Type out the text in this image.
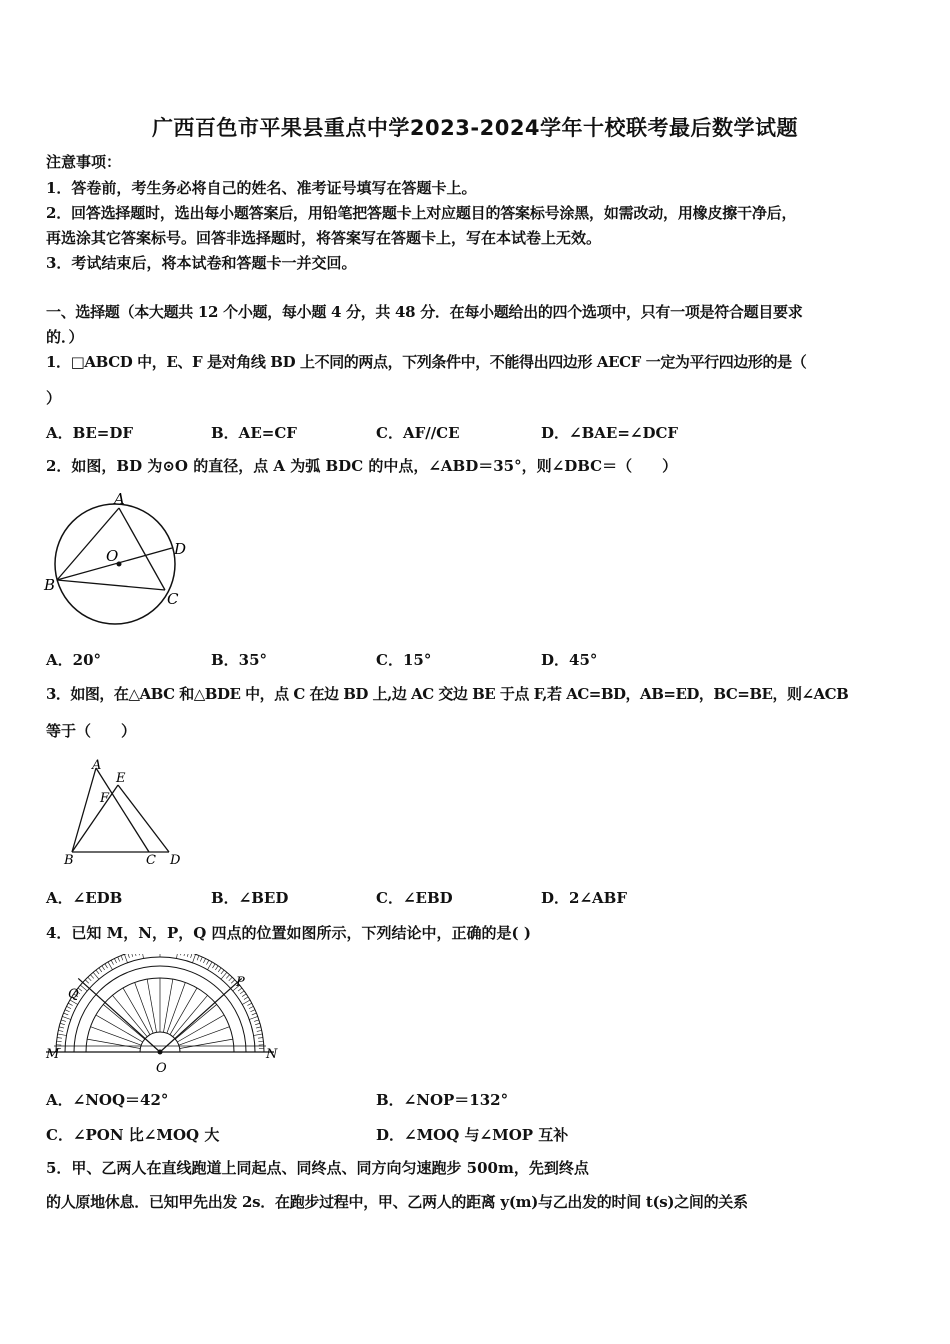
广西百色市平果县重点中学2023-2024学年十校联考最后数学试题
注意事项：
1．答卷前，考生务必将自己的姓名、准考证号填写在答题卡上。
2．回答选择题时，选出每小题答案后，用铅笔把答题卡上对应题目的答案标号涂黑，如需改动，用橡皮擦干净后，
再选涂其它答案标号。回答非选择题时，将答案写在答题卡上，写在本试卷上无效。
3．考试结束后，将本试卷和答题卡一并交回。
一、选择题（本大题共 12 个小题，每小题 4 分，共 48 分．在每小题给出的四个选项中，只有一项是符合题目要求
的．）
1．□ABCD 中，E、F 是对角线 BD 上不同的两点，下列条件中，不能得出四边形 AECF 一定为平行四边形的是（
）
A．BE=DF	B．AE=CF	C．AF//CE	D．∠BAE=∠DCF
2．如图，BD 为⊙O 的直径，点 A 为弧 BDC 的中点，∠ABD＝35°，则∠DBC＝（　　）
A
O	D
B
C
A．20°	B．35°	C．15°	D．45°
3．如图，在△ABC 和△BDE 中，点 C 在边 BD 上,边 AC 交边 BE 于点 F,若 AC=BD，AB=ED，BC=BE，则∠ACB
等于（　　）
A
E
F
B	C D
A．∠EDB	B．∠BED	C．∠EBD	D．2∠ABF
4．已知 M，N，P，Q 四点的位置如图所示，下列结论中，正确的是( )
Q
P
M	N
O
A．∠NOQ＝42°	B．∠NOP＝132°
C．∠PON 比∠MOQ 大	D．∠MOQ 与∠MOP 互补
5．甲、乙两人在直线跑道上同起点、同终点、同方向匀速跑步 500m，先到终点
的人原地休息．已知甲先出发 2s．在跑步过程中，甲、乙两人的距离 y(m)与乙出发的时间 t(s)之间的关系
